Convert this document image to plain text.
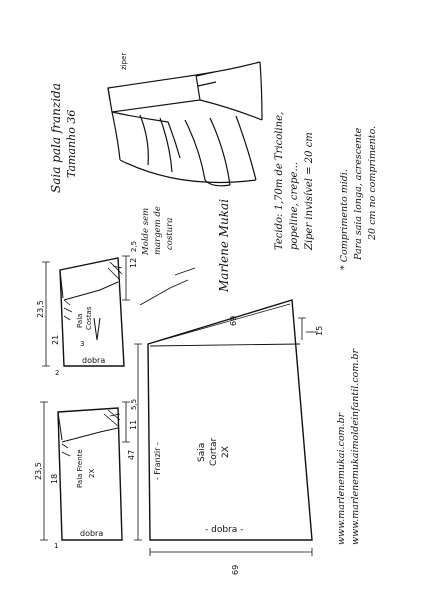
Saia pala franzida Tamanho 36
ziper
Tecido: 1,70m de Tricoline, popeline, crepe... Ziper invisível = 20 cm	* Comprimento midi. Para saia longa, acrescente 20 cm no comprimento.
Molde sem margem de costura	Marlene Mukai
Pala Costas
dobra
23,5
12
2,5
21	3
2
Pala Frente 2X
dobra
23,5
11
5,5
18
1
Saia Cortar 2X
- dobra -
- Franzir -
47
69
69
15
www.marlenemukai.com.br www.marlenemukaimoldeinfantil.com.br
